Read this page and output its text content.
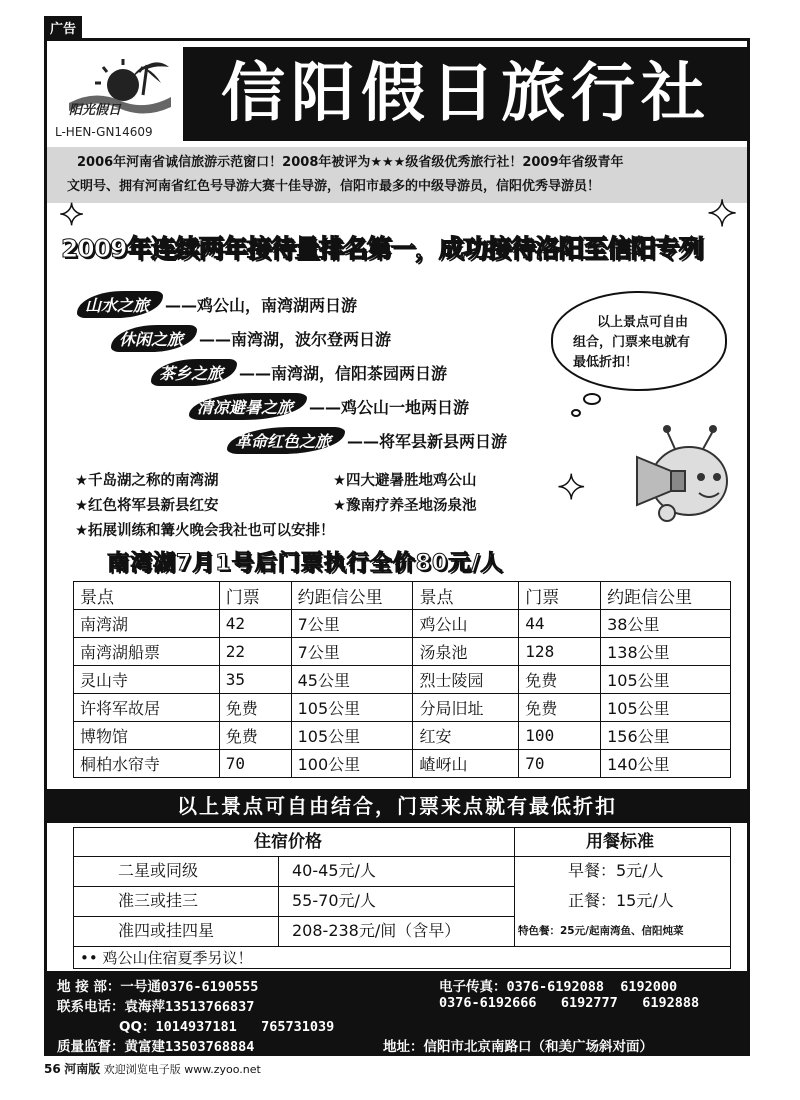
广告
阳光假日
L-HEN-GN14609
信阳假日旅行社
2006年河南省诚信旅游示范窗口！2008年被评为★★★级省级优秀旅行社！2009年省级青年
文明号、拥有河南省红色号导游大赛十佳导游，信阳市最多的中级导游员，信阳优秀导游员！
✦	✦
2009年连续两年接待量排名第一，成功接待洛阳至信阳专列
山水之旅 ——鸡公山，南湾湖两日游
休闲之旅 ——南湾湖，波尔登两日游
茶乡之旅 ——南湾湖，信阳茶园两日游
清凉避暑之旅 ——鸡公山一地两日游
革命红色之旅 ——将军县新县两日游
以上景点可自由
组合，门票来电就有
最低折扣！
✦
★千岛湖之称的南湾湖	★四大避暑胜地鸡公山
★红色将军县新县红安	★豫南疗养圣地汤泉池
★拓展训练和篝火晚会我社也可以安排！
南湾湖7月1号后门票执行全价80元/人
景点	门票	约距信公里	景点	门票	约距信公里
南湾湖	42	7公里	鸡公山	44	38公里
南湾湖船票	22	7公里	汤泉池	128	138公里
灵山寺	35	45公里	烈士陵园	免费	105公里
许将军故居	免费	105公里	分局旧址	免费	105公里
博物馆	免费	105公里	红安	100	156公里
桐柏水帘寺	70	100公里	嵖岈山	70	140公里
以上景点可自由结合，门票来点就有最低折扣
住宿价格	用餐标准
二星或同级	40-45元/人	早餐：5元/人
准三或挂三	55-70元/人	正餐：15元/人
准四或挂四星	208-238元/间（含早）	特色餐：25元/起南湾鱼、信阳炖菜
•• 鸡公山住宿夏季另议！
地 接 部：一号通0376-6190555
联系电话：袁海萍13513766837
QQ：1014937181   765731039
质量监督：黄富建13503768884
电子传真：0376-6192088  6192000
0376-6192666   6192777   6192888
地址：信阳市北京南路口（和美广场斜对面）
56 河南版 欢迎浏览电子版 www.zyoo.net
